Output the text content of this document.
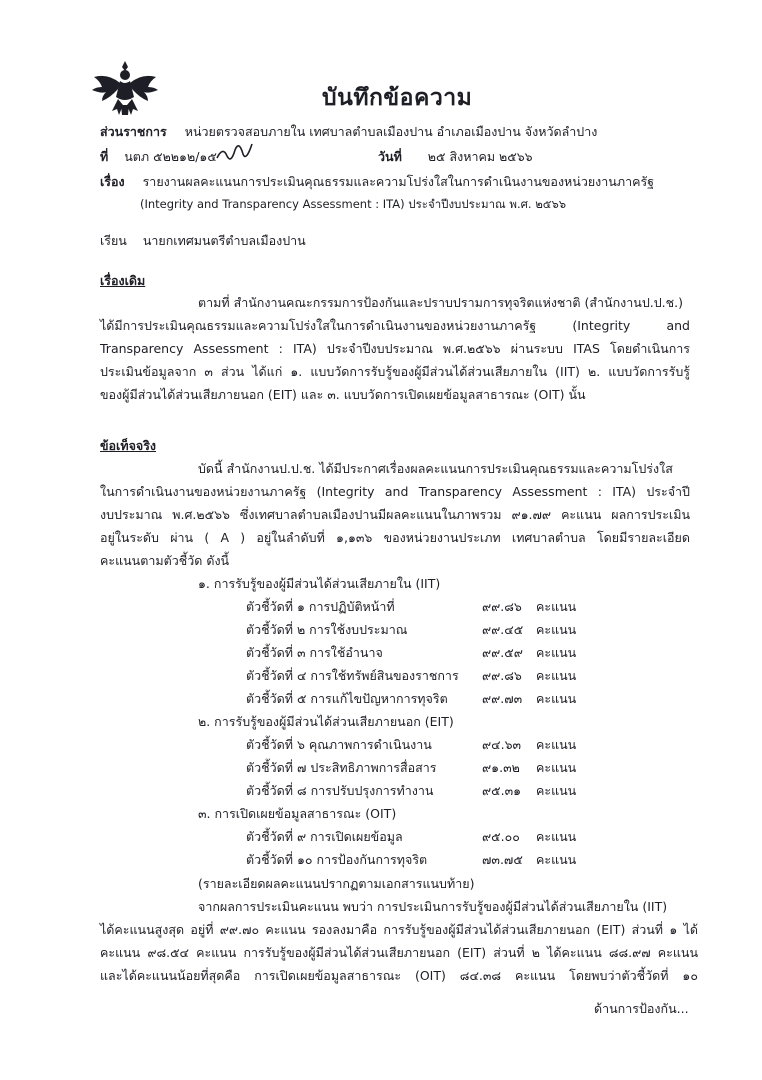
บันทึกข้อความ
ส่วนราชการ หน่วยตรวจสอบภายใน เทศบาลตำบลเมืองปาน อำเภอเมืองปาน จังหวัดลำปาง
ที่ นตภ ๕๒๒๑๒/๑๕	วันที่ ๒๕ สิงหาคม ๒๕๖๖
เรื่อง รายงานผลคะแนนการประเมินคุณธรรมและความโปร่งใสในการดำเนินงานของหน่วยงานภาครัฐ
(Integrity and Transparency Assessment : ITA) ประจำปีงบประมาณ พ.ศ. ๒๕๖๖
เรียน นายกเทศมนตรีตำบลเมืองปาน
เรื่องเดิม
ตามที่ สำนักงานคณะกรรมการป้องกันและปราบปรามการทุจริตแห่งชาติ (สำนักงานป.ป.ช.)
ได้มีการประเมินคุณธรรมและความโปร่งใสในการดำเนินงานของหน่วยงานภาครัฐ (Integrity and
Transparency Assessment : ITA) ประจำปีงบประมาณ พ.ศ.๒๕๖๖ ผ่านระบบ ITAS โดยดำเนินการ
ประเมินข้อมูลจาก ๓ ส่วน ได้แก่ ๑. แบบวัดการรับรู้ของผู้มีส่วนได้ส่วนเสียภายใน (IIT) ๒. แบบวัดการรับรู้
ของผู้มีส่วนได้ส่วนเสียภายนอก (EIT) และ ๓. แบบวัดการเปิดเผยข้อมูลสาธารณะ (OIT) นั้น
ข้อเท็จจริง
บัดนี้ สำนักงานป.ป.ช. ได้มีประกาศเรื่องผลคะแนนการประเมินคุณธรรมและความโปร่งใส
ในการดำเนินงานของหน่วยงานภาครัฐ (Integrity and Transparency Assessment : ITA) ประจำปี
งบประมาณ พ.ศ.๒๕๖๖ ซึ่งเทศบาลตำบลเมืองปานมีผลคะแนนในภาพรวม ๙๑.๗๙ คะแนน ผลการประเมิน
อยู่ในระดับ ผ่าน ( A ) อยู่ในลำดับที่ ๑,๑๓๖ ของหน่วยงานประเภท เทศบาลตำบล โดยมีรายละเอียด
คะแนนตามตัวชี้วัด ดังนี้
๑. การรับรู้ของผู้มีส่วนได้ส่วนเสียภายใน (IIT)
ตัวชี้วัดที่ ๑ การปฏิบัติหน้าที่	๙๙.๘๖ คะแนน
ตัวชี้วัดที่ ๒ การใช้งบประมาณ	๙๙.๔๕ คะแนน
ตัวชี้วัดที่ ๓ การใช้อำนาจ	๙๙.๕๙ คะแนน
ตัวชี้วัดที่ ๔ การใช้ทรัพย์สินของราชการ ๙๙.๘๖ คะแนน
ตัวชี้วัดที่ ๕ การแก้ไขปัญหาการทุจริต	๙๙.๗๓ คะแนน
๒. การรับรู้ของผู้มีส่วนได้ส่วนเสียภายนอก (EIT)
ตัวชี้วัดที่ ๖ คุณภาพการดำเนินงาน	๙๔.๖๓ คะแนน
ตัวชี้วัดที่ ๗ ประสิทธิภาพการสื่อสาร	๙๑.๓๒ คะแนน
ตัวชี้วัดที่ ๘ การปรับปรุงการทำงาน	๙๕.๓๑ คะแนน
๓. การเปิดเผยข้อมูลสาธารณะ (OIT)
ตัวชี้วัดที่ ๙ การเปิดเผยข้อมูล	๙๕.๐๐ คะแนน
ตัวชี้วัดที่ ๑๐ การป้องกันการทุจริต	๗๓.๗๕ คะแนน
(รายละเอียดผลคะแนนปรากฏตามเอกสารแนบท้าย)
จากผลการประเมินคะแนน พบว่า การประเมินการรับรู้ของผู้มีส่วนได้ส่วนเสียภายใน (IIT)
ได้คะแนนสูงสุด อยู่ที่ ๙๙.๗๐ คะแนน รองลงมาคือ การรับรู้ของผู้มีส่วนได้ส่วนเสียภายนอก (EIT) ส่วนที่ ๑ ได้
คะแนน ๙๘.๕๔ คะแนน การรับรู้ของผู้มีส่วนได้ส่วนเสียภายนอก (EIT) ส่วนที่ ๒ ได้คะแนน ๘๘.๙๗ คะแนน
และได้คะแนนน้อยที่สุดคือ การเปิดเผยข้อมูลสาธารณะ (OIT) ๘๔.๓๘ คะแนน โดยพบว่าตัวชี้วัดที่ ๑๐
ด้านการป้องกัน...
